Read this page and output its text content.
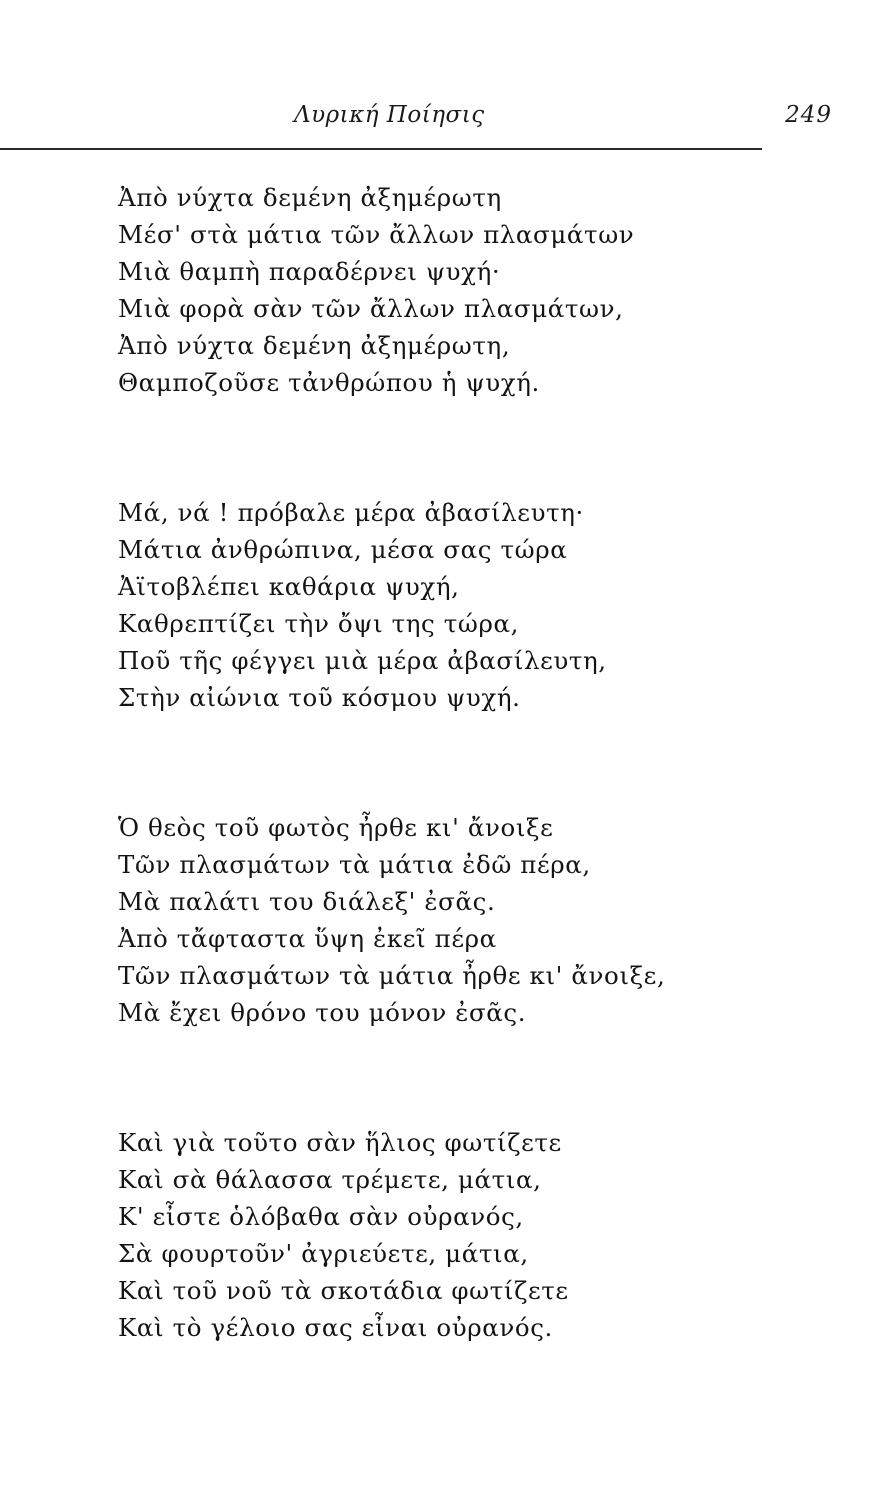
Λυρική Ποίησις	249
Ἀπὸ νύχτα δεμένη ἀξημέρωτη
Μέσ' στὰ μάτια τῶν ἄλλων πλασμάτων
Μιὰ θαμπὴ παραδέρνει ψυχή·
Μιὰ φορὰ σὰν τῶν ἄλλων πλασμάτων,
Ἀπὸ νύχτα δεμένη ἀξημέρωτη,
Θαμποζοῦσε τἀνθρώπου ἡ ψυχή.
Μά, νά ! πρόβαλε μέρα ἀβασίλευτη·
Μάτια ἀνθρώπινα, μέσα σας τώρα
Ἀϊτοβλέπει καθάρια ψυχή,
Καθρεπτίζει τὴν ὄψι της τώρα,
Ποῦ τῆς φέγγει μιὰ μέρα ἀβασίλευτη,
Στὴν αἰώνια τοῦ κόσμου ψυχή.
Ὁ θεὸς τοῦ φωτὸς ἦρθε κι' ἄνοιξε
Τῶν πλασμάτων τὰ μάτια ἐδῶ πέρα,
Μὰ παλάτι του διάλεξ' ἐσᾶς.
Ἀπὸ τἄφταστα ὕψη ἐκεῖ πέρα
Τῶν πλασμάτων τὰ μάτια ἦρθε κι' ἄνοιξε,
Μὰ ἔχει θρόνο του μόνον ἐσᾶς.
Καὶ γιὰ τοῦτο σὰν ἥλιος φωτίζετε
Καὶ σὰ θάλασσα τρέμετε, μάτια,
Κ' εἶστε ὁλόβαθα σὰν οὐρανός,
Σὰ φουρτοῦν' ἀγριεύετε, μάτια,
Καὶ τοῦ νοῦ τὰ σκοτάδια φωτίζετε
Καὶ τὸ γέλοιο σας εἶναι οὐρανός.
